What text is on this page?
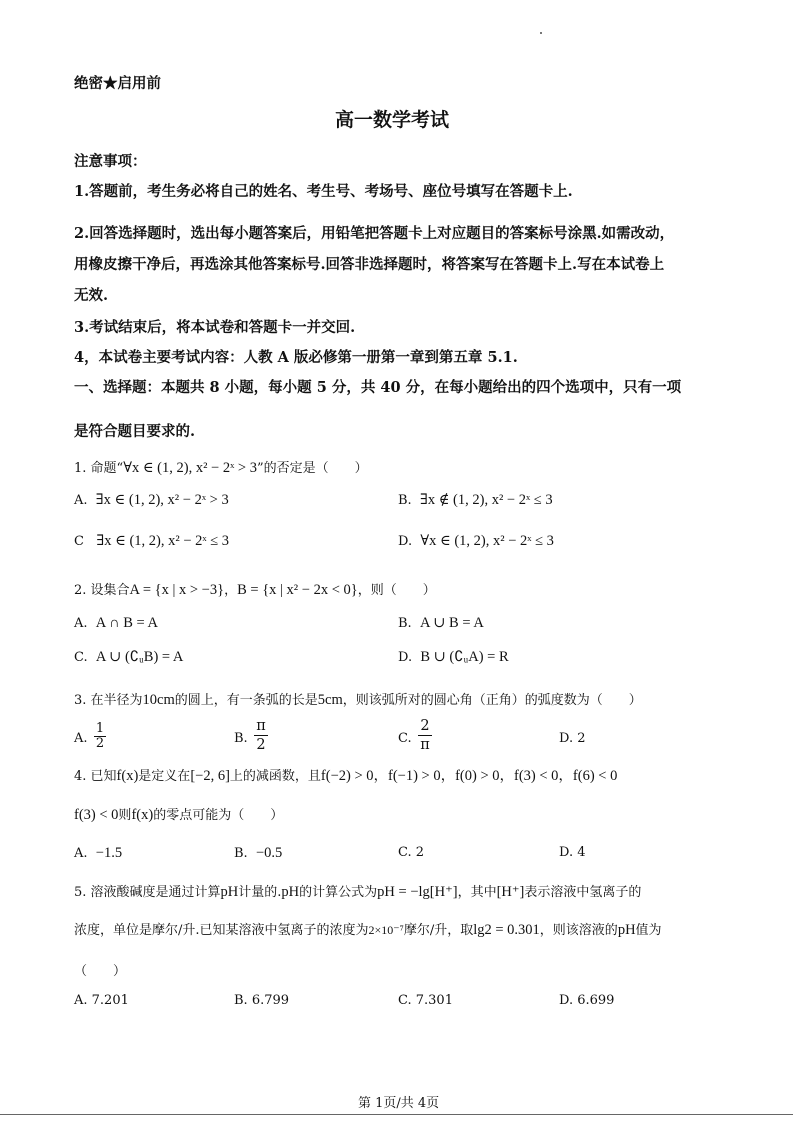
绝密★启用前
高一数学考试
注意事项：
1.答题前，考生务必将自己的姓名、考生号、考场号、座位号填写在答题卡上.
2.回答选择题时，选出每小题答案后，用铅笔把答题卡上对应题目的答案标号涂黑.如需改动，
用橡皮擦干净后，再选涂其他答案标号.回答非选择题时，将答案写在答题卡上.写在本试卷上
无效.
3.考试结束后，将本试卷和答题卡一并交回.
4，本试卷主要考试内容：人教 A 版必修第一册第一章到第五章 5.1.
一、选择题：本题共 8 小题，每小题 5 分，共 40 分，在每小题给出的四个选项中，只有一项
是符合题目要求的.
1. 命题“∀x ∈ (1, 2), x² − 2ˣ > 3”的否定是（　　）
A. ∃x ∈ (1, 2), x² − 2ˣ > 3	B. ∃x ∉ (1, 2), x² − 2ˣ ≤ 3
C ∃x ∈ (1, 2), x² − 2ˣ ≤ 3	D. ∀x ∈ (1, 2), x² − 2ˣ ≤ 3
2. 设集合A = {x | x > −3}，B = {x | x² − 2x < 0}，则（　　）
A. A ∩ B = A	B. A ∪ B = A
C. A ∪ (∁ᵤB) = A	D. B ∪ (∁ᵤA) = R
3. 在半径为10cm的圆上，有一条弧的长是5cm，则该弧所对的圆心角（正角）的弧度数为（　　）
A.
1
2	B.
π
2	C.
2
π	D. 2
4. 已知f(x)是定义在[−2, 6]上的减函数，且f(−2) > 0，f(−1) > 0，f(0) > 0，f(3) < 0，f(6) < 0
f(3) < 0则f(x)的零点可能为（　　）
A. −1.5	B. −0.5	C. 2	D. 4
5. 溶液酸碱度是通过计算pH计量的.pH的计算公式为pH = −lg[H⁺]，其中[H⁺]表示溶液中氢离子的
浓度，单位是摩尔/升.已知某溶液中氢离子的浓度为2×10⁻⁷摩尔/升，取lg2 = 0.301，则该溶液的pH值为
（　　）
A. 7.201	B. 6.799	C. 7.301	D. 6.699
第 1页/共 4页
